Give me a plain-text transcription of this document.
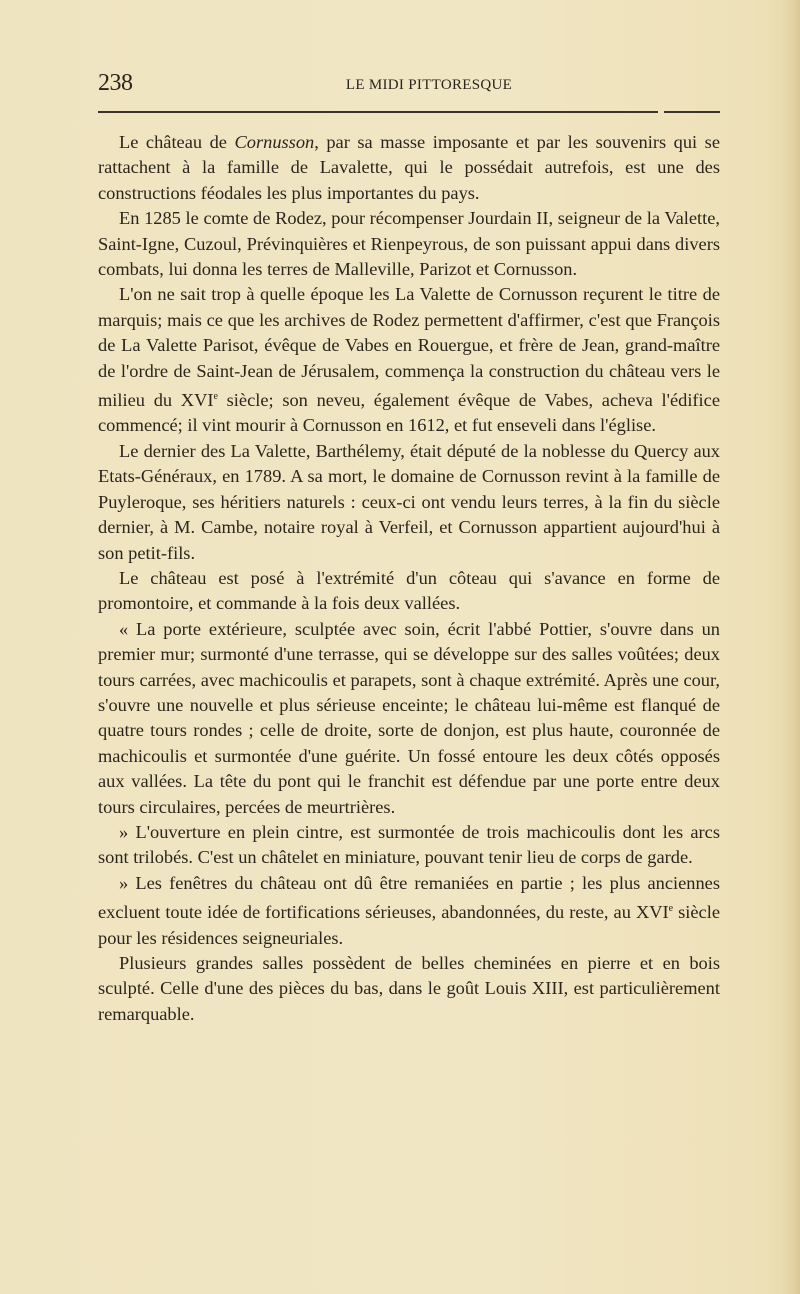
238	LE MIDI PITTORESQUE

Le château de Cornusson, par sa masse imposante et par les souvenirs qui se rattachent à la famille de Lavalette, qui le possédait autrefois, est une des constructions féodales les plus importantes du pays.

En 1285 le comte de Rodez, pour récompenser Jourdain II, seigneur de la Valette, Saint-Igne, Cuzoul, Prévinquières et Rienpeyrous, de son puissant appui dans divers combats, lui donna les terres de Malleville, Parizot et Cornusson.

L'on ne sait trop à quelle époque les La Valette de Cornusson reçurent le titre de marquis; mais ce que les archives de Rodez permettent d'affirmer, c'est que François de La Valette Parisot, évêque de Vabes en Rouergue, et frère de Jean, grand-maître de l'ordre de Saint-Jean de Jérusalem, commença la construction du château vers le milieu du XVIe siècle; son neveu, également évêque de Vabes, acheva l'édifice commencé; il vint mourir à Cornusson en 1612, et fut enseveli dans l'église.

Le dernier des La Valette, Barthélemy, était député de la noblesse du Quercy aux Etats-Généraux, en 1789. A sa mort, le domaine de Cornusson revint à la famille de Puyleroque, ses héritiers naturels : ceux-ci ont vendu leurs terres, à la fin du siècle dernier, à M. Cambe, notaire royal à Verfeil, et Cornusson appartient aujourd'hui à son petit-fils.

Le château est posé à l'extrémité d'un côteau qui s'avance en forme de promontoire, et commande à la fois deux vallées.

« La porte extérieure, sculptée avec soin, écrit l'abbé Pottier, s'ouvre dans un premier mur; surmonté d'une terrasse, qui se développe sur des salles voûtées; deux tours carrées, avec machicoulis et parapets, sont à chaque extrémité. Après une cour, s'ouvre une nouvelle et plus sérieuse enceinte; le château lui-même est flanqué de quatre tours rondes ; celle de droite, sorte de donjon, est plus haute, couronnée de machicoulis et surmontée d'une guérite. Un fossé entoure les deux côtés opposés aux vallées. La tête du pont qui le franchit est défendue par une porte entre deux tours circulaires, percées de meurtrières.

» L'ouverture en plein cintre, est surmontée de trois machicoulis dont les arcs sont trilobés. C'est un châtelet en miniature, pouvant tenir lieu de corps de garde.

» Les fenêtres du château ont dû être remaniées en partie ; les plus anciennes excluent toute idée de fortifications sérieuses, abandonnées, du reste, au XVIe siècle pour les résidences seigneuriales.

Plusieurs grandes salles possèdent de belles cheminées en pierre et en bois sculpté. Celle d'une des pièces du bas, dans le goût Louis XIII, est particulièrement remarquable.
